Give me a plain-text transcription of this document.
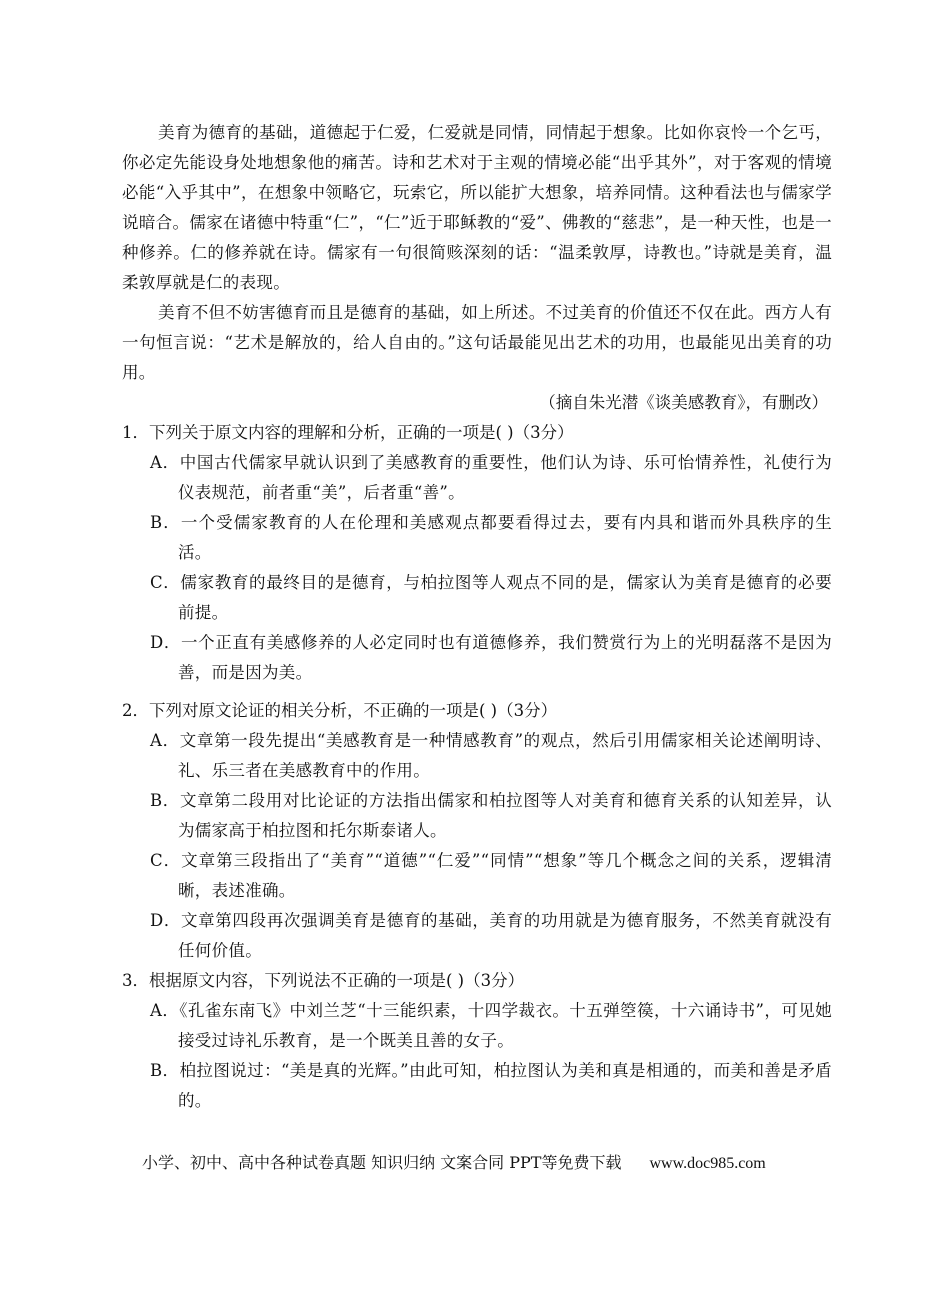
美育为德育的基础，道德起于仁爱，仁爱就是同情，同情起于想象。比如你哀怜一个乞丐，你必定先能设身处地想象他的痛苦。诗和艺术对于主观的情境必能“出乎其外”，对于客观的情境必能“入乎其中”，在想象中领略它，玩索它，所以能扩大想象，培养同情。这种看法也与儒家学说暗合。儒家在诸德中特重“仁”，“仁”近于耶稣教的“爱”、佛教的“慈悲”，是一种天性，也是一种修养。仁的修养就在诗。儒家有一句很简赅深刻的话：“温柔敦厚，诗教也。”诗就是美育，温柔敦厚就是仁的表现。

美育不但不妨害德育而且是德育的基础，如上所述。不过美育的价值还不仅在此。西方人有一句恒言说：“艺术是解放的，给人自由的。”这句话最能见出艺术的功用，也最能见出美育的功用。

（摘自朱光潜《谈美感教育》，有删改）

1．下列关于原文内容的理解和分析，正确的一项是( )（3分）

A．中国古代儒家早就认识到了美感教育的重要性，他们认为诗、乐可怡情养性，礼使行为仪表规范，前者重“美”，后者重“善”。

B．一个受儒家教育的人在伦理和美感观点都要看得过去，要有内具和谐而外具秩序的生活。

C．儒家教育的最终目的是德育，与柏拉图等人观点不同的是，儒家认为美育是德育的必要前提。

D．一个正直有美感修养的人必定同时也有道德修养，我们赞赏行为上的光明磊落不是因为善，而是因为美。

2．下列对原文论证的相关分析，不正确的一项是( )（3分）

A．文章第一段先提出“美感教育是一种情感教育”的观点，然后引用儒家相关论述阐明诗、礼、乐三者在美感教育中的作用。

B．文章第二段用对比论证的方法指出儒家和柏拉图等人对美育和德育关系的认知差异，认为儒家高于柏拉图和托尔斯泰诸人。

C．文章第三段指出了“美育”“道德”“仁爱”“同情”“想象”等几个概念之间的关系，逻辑清晰，表述准确。

D．文章第四段再次强调美育是德育的基础，美育的功用就是为德育服务，不然美育就没有任何价值。

3．根据原文内容，下列说法不正确的一项是( )（3分）

A．《孔雀东南飞》中刘兰芝“十三能织素，十四学裁衣。十五弹箜篌，十六诵诗书”，可见她接受过诗礼乐教育，是一个既美且善的女子。

B．柏拉图说过：“美是真的光辉。”由此可知，柏拉图认为美和真是相通的，而美和善是矛盾的。

小学、初中、高中各种试卷真题 知识归纳 文案合同 PPT等免费下载 www.doc985.com
